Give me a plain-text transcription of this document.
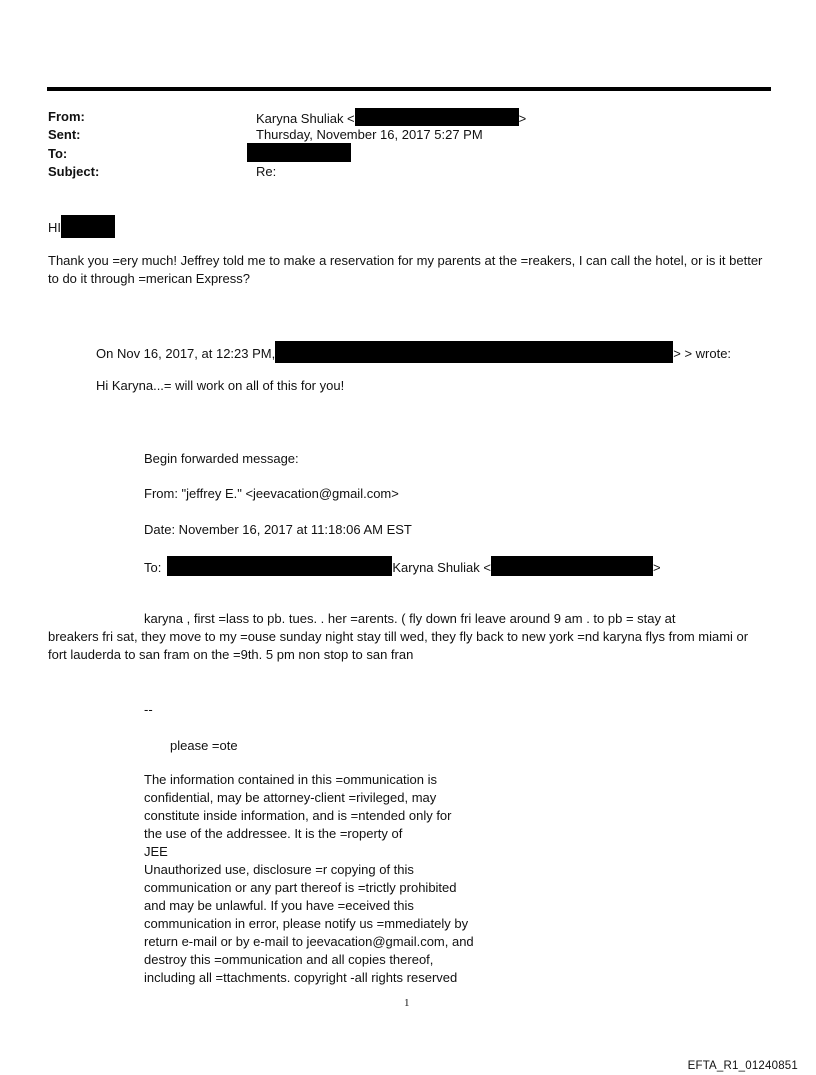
From:	Karyna Shuliak <	>
Sent:	Thursday, November 16, 2017 5:27 PM
To:
Subject:	Re:
HI
Thank you =ery much! Jeffrey told me to make a reservation for my parents at the =reakers, I can call the hotel, or is it better to do it through =merican Express?
On Nov 16, 2017, at 12:23 PM,	> > wrote:
Hi Karyna...= will work on all of this for you!
Begin forwarded message:
From: "jeffrey E." <jeevacation@gmail.com>
Date: November 16, 2017 at 11:18:06 AM EST
To:	Karyna Shuliak <	>
karyna , first =lass to pb. tues. . her =arents. ( fly down fri leave around 9 am . to pb = stay at
breakers fri sat, they move to my =ouse sunday night stay till wed, they fly back to new york =nd karyna flys from miami or fort lauderda to san fram on the =9th. 5 pm non stop to san fran
--
please =ote
The information contained in this =ommunication is
confidential, may be attorney-client =rivileged, may
constitute inside information, and is =ntended only for
the use of the addressee. It is the =roperty of
JEE
Unauthorized use, disclosure =r copying of this
communication or any part thereof is =trictly prohibited
and may be unlawful. If you have =eceived this
communication in error, please notify us =mmediately by
return e-mail or by e-mail to jeevacation@gmail.com, and
destroy this =ommunication and all copies thereof,
including all =ttachments. copyright -all rights reserved
1
EFTA_R1_01240851
